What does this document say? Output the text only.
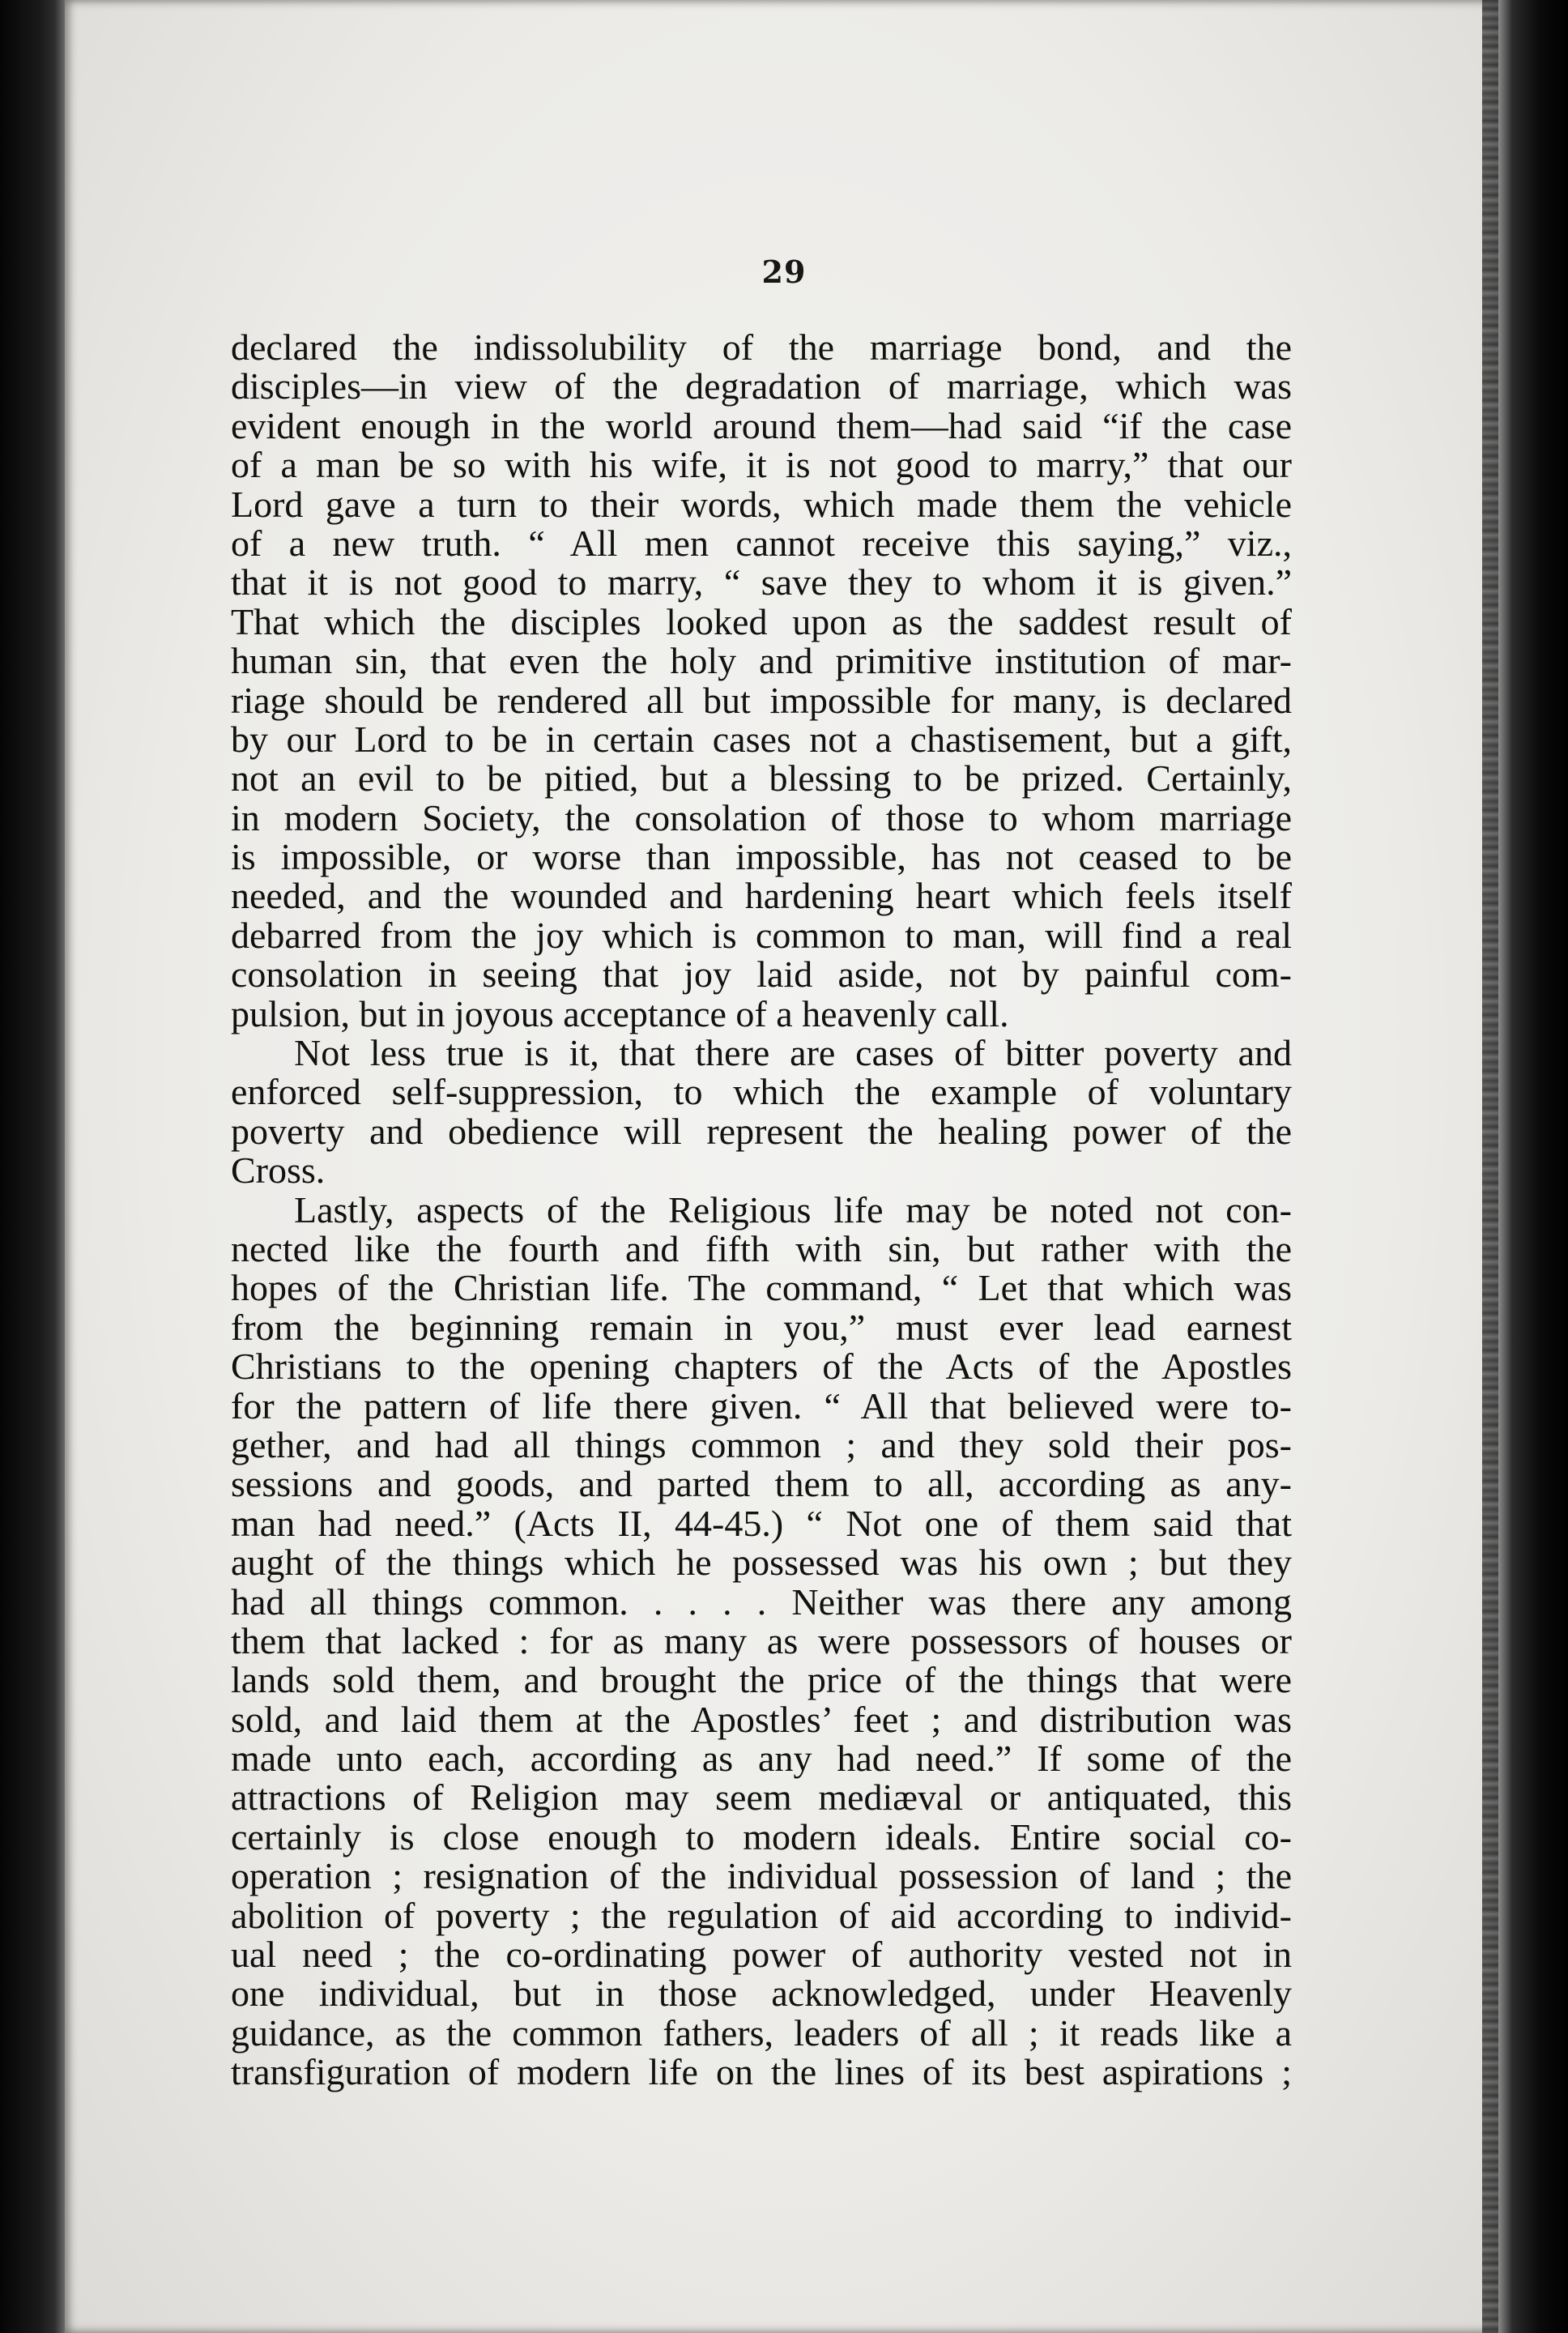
29
declared the indissolubility of the marriage bond, and the
disciples—in view of the degradation of marriage, which was
evident enough in the world around them—had said “if the case
of a man be so with his wife, it is not good to marry,” that our
Lord gave a turn to their words, which made them the vehicle
of a new truth. “ All men cannot receive this saying,” viz.,
that it is not good to marry, “ save they to whom it is given.”
That which the disciples looked upon as the saddest result of
human sin, that even the holy and primitive institution of mar-
riage should be rendered all but impossible for many, is declared
by our Lord to be in certain cases not a chastisement, but a gift,
not an evil to be pitied, but a blessing to be prized. Certainly,
in modern Society, the consolation of those to whom marriage
is impossible, or worse than impossible, has not ceased to be
needed, and the wounded and hardening heart which feels itself
debarred from the joy which is common to man, will find a real
consolation in seeing that joy laid aside, not by painful com-
pulsion, but in joyous acceptance of a heavenly call.
Not less true is it, that there are cases of bitter poverty and
enforced self-suppression, to which the example of voluntary
poverty and obedience will represent the healing power of the
Cross.
Lastly, aspects of the Religious life may be noted not con-
nected like the fourth and fifth with sin, but rather with the
hopes of the Christian life. The command, “ Let that which was
from the beginning remain in you,” must ever lead earnest
Christians to the opening chapters of the Acts of the Apostles
for the pattern of life there given. “ All that believed were to-
gether, and had all things common ; and they sold their pos-
sessions and goods, and parted them to all, according as any-
man had need.” (Acts II, 44-45.) “ Not one of them said that
aught of the things which he possessed was his own ; but they
had all things common. . . . . Neither was there any among
them that lacked : for as many as were possessors of houses or
lands sold them, and brought the price of the things that were
sold, and laid them at the Apostles’ feet ; and distribution was
made unto each, according as any had need.” If some of the
attractions of Religion may seem mediæval or antiquated, this
certainly is close enough to modern ideals. Entire social co-
operation ; resignation of the individual possession of land ; the
abolition of poverty ; the regulation of aid according to individ-
ual need ; the co-ordinating power of authority vested not in
one individual, but in those acknowledged, under Heavenly
guidance, as the common fathers, leaders of all ; it reads like a
transfiguration of modern life on the lines of its best aspirations ;
